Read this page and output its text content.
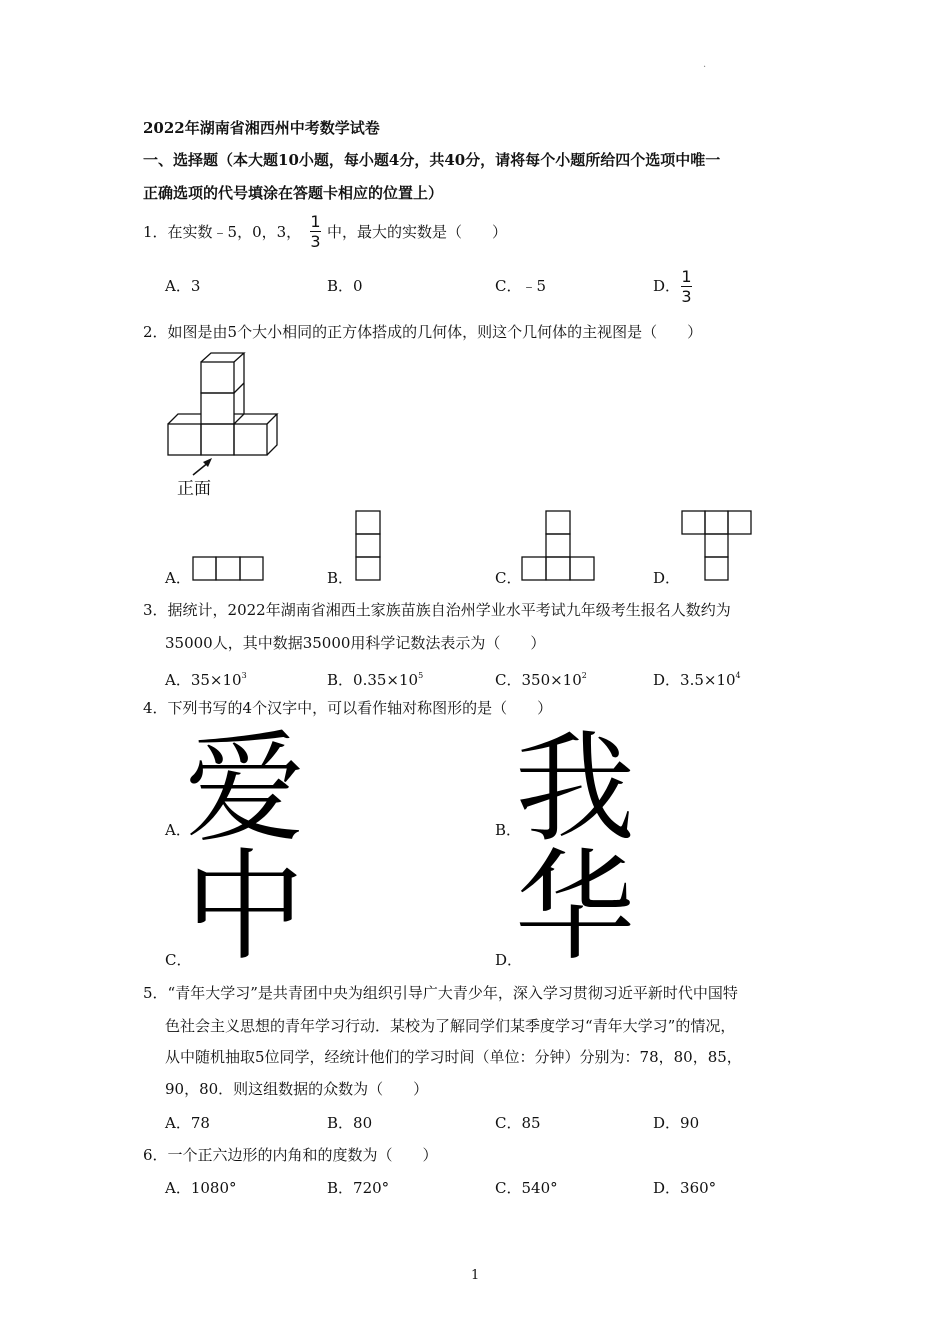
·
2022年湖南省湘西州中考数学试卷
一、选择题（本大题10小题，每小题4分，共40分，请将每个小题所给四个选项中唯一
正确选项的代号填涂在答题卡相应的位置上）
1．在实数﹣5，0，3，
1
3 中，最大的实数是（　　）
A．3	B．0	C．﹣5	D． 1
3
2．如图是由5个大小相同的正方体搭成的几何体，则这个几何体的主视图是（　　）
正面
A．	B．	C．	D．
3．据统计，2022年湖南省湘西土家族苗族自治州学业水平考试九年级考生报名人数约为
35000人，其中数据35000用科学记数法表示为（　　）
A．$35\times 10^3$	B．$0.35\times 10^5$	C．$350\times 10^2$	D．$3.5\times 10^4$
4．下列书写的4个汉字中，可以看作轴对称图形的是（　　）
A．
爱	B．
我
C．
中	D．
华
5．“青年大学习”是共青团中央为组织引导广大青少年，深入学习贯彻习近平新时代中国特
色社会主义思想的青年学习行动．某校为了解同学们某季度学习“青年大学习”的情况，
从中随机抽取5位同学，经统计他们的学习时间（单位：分钟）分别为：78，80，85，
90，80．则这组数据的众数为（　　）
A．78	B．80	C．85	D．90
6．一个正六边形的内角和的度数为（　　）
A．1080°	B．720°	C．540°	D．360°
1
